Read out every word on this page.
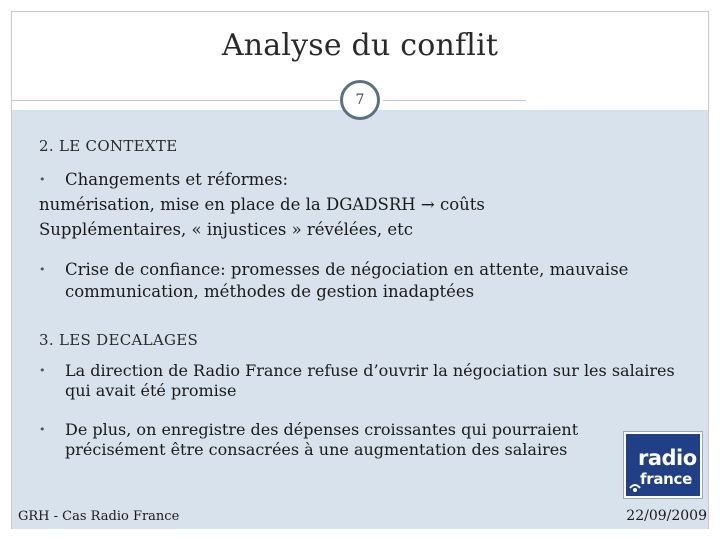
Analyse du conflit
7
2. LE CONTEXTE
• Changements et réformes:
numérisation, mise en place de la DGADSRH → coûts
Supplémentaires, « injustices » révélées, etc
• Crise de confiance: promesses de négociation en attente, mauvaise
communication, méthodes de gestion inadaptées
3. LES DECALAGES
• La direction de Radio France refuse d’ouvrir la négociation sur les salaires
qui avait été promise
• De plus, on enregistre des dépenses croissantes qui pourraient
précisément être consacrées à une augmentation des salaires	radio
france
GRH - Cas Radio France	22/09/2009
